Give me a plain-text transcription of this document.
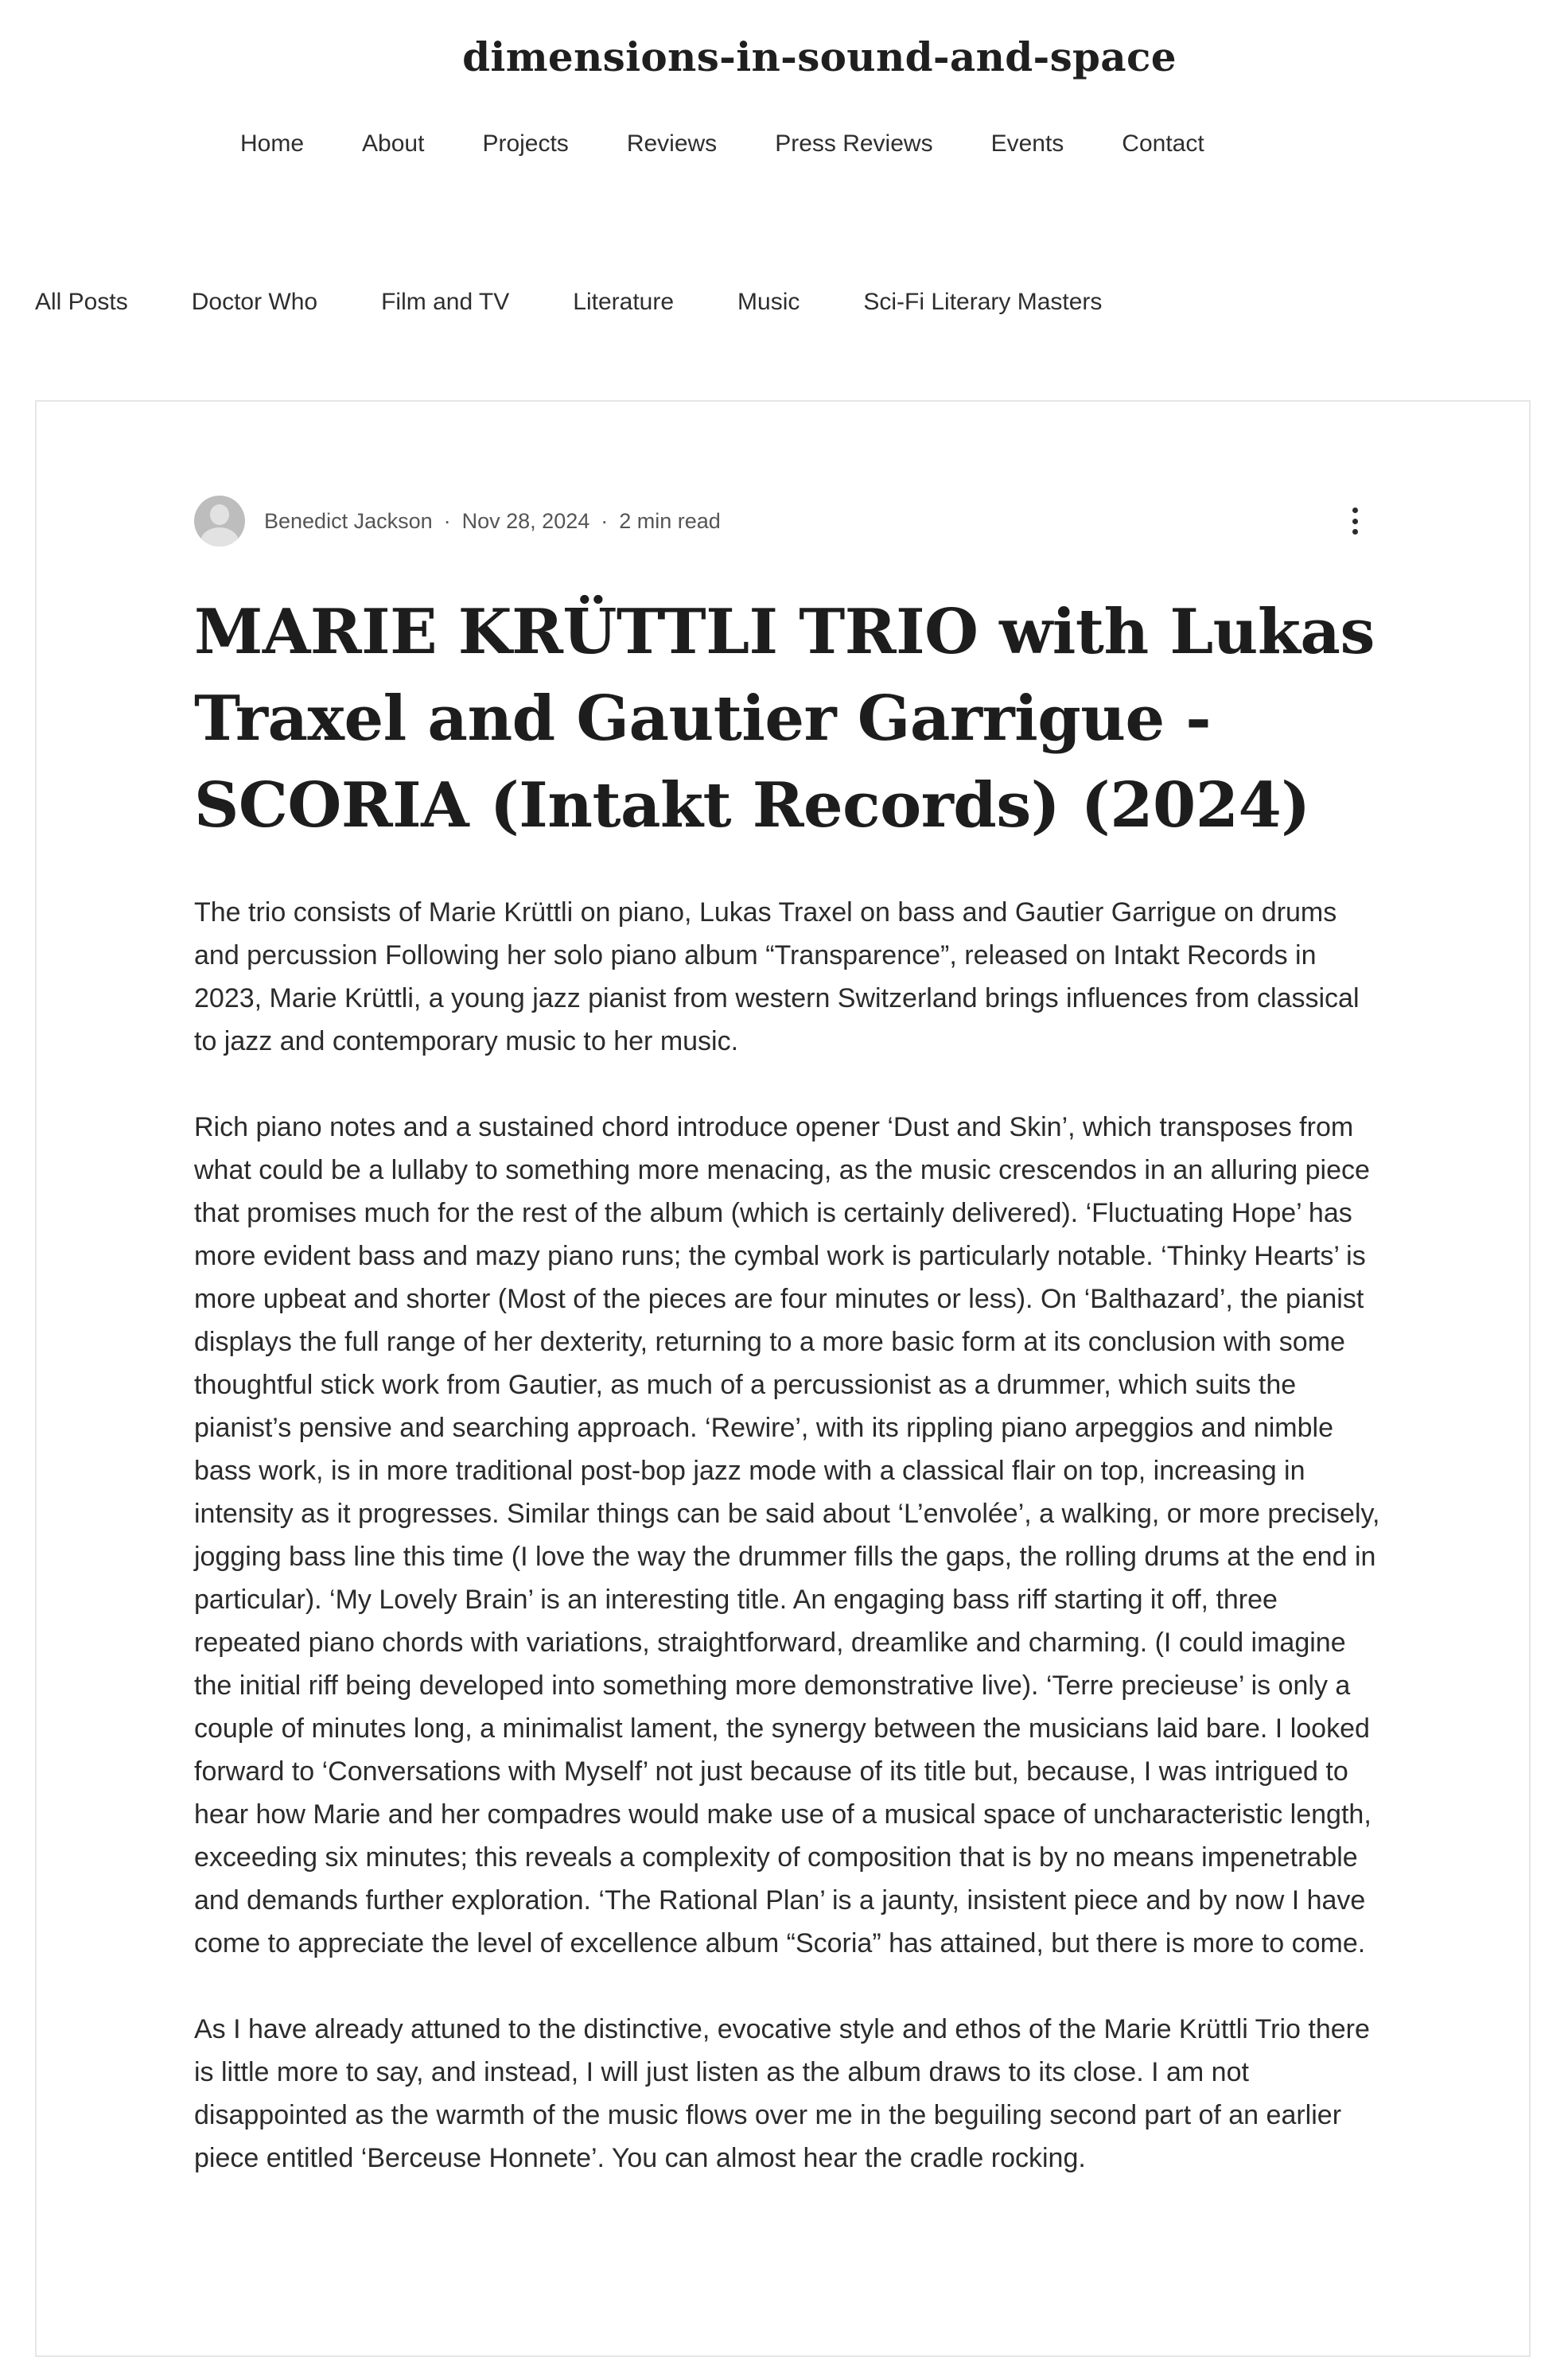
dimensions-in-sound-and-space
Home About Projects Reviews Press Reviews Events Contact
All Posts	Doctor Who	Film and TV	Literature	Music	Sci-Fi Literary Masters
Benedict Jackson · Nov 28, 2024 · 2 min read
MARIE KRÜTTLI TRIO with Lukas Traxel and Gautier Garrigue - SCORIA (Intakt Records) (2024)

The trio consists of Marie Krüttli on piano, Lukas Traxel on bass and Gautier Garrigue on drums and percussion Following her solo piano album “Transparence”, released on Intakt Records in 2023, Marie Krüttli, a young jazz pianist from western Switzerland brings influences from classical to jazz and contemporary music to her music.

Rich piano notes and a sustained chord introduce opener ‘Dust and Skin’, which transposes from what could be a lullaby to something more menacing, as the music crescendos in an alluring piece that promises much for the rest of the album (which is certainly delivered). ‘Fluctuating Hope’ has more evident bass and mazy piano runs; the cymbal work is particularly notable. ‘Thinky Hearts’ is more upbeat and shorter (Most of the pieces are four minutes or less). On ‘Balthazard’, the pianist displays the full range of her dexterity, returning to a more basic form at its conclusion with some thoughtful stick work from Gautier, as much of a percussionist as a drummer, which suits the pianist’s pensive and searching approach. ‘Rewire’, with its rippling piano arpeggios and nimble bass work, is in more traditional post-bop jazz mode with a classical flair on top, increasing in intensity as it progresses. Similar things can be said about ‘L’envolée’, a walking, or more precisely, jogging bass line this time (I love the way the drummer fills the gaps, the rolling drums at the end in particular). ‘My Lovely Brain’ is an interesting title. An engaging bass riff starting it off, three repeated piano chords with variations, straightforward, dreamlike and charming. (I could imagine the initial riff being developed into something more demonstrative live). ‘Terre precieuse’ is only a couple of minutes long, a minimalist lament, the synergy between the musicians laid bare. I looked forward to ‘Conversations with Myself’ not just because of its title but, because, I was intrigued to hear how Marie and her compadres would make use of a musical space of uncharacteristic length, exceeding six minutes; this reveals a complexity of composition that is by no means impenetrable and demands further exploration. ‘The Rational Plan’ is a jaunty, insistent piece and by now I have come to appreciate the level of excellence album “Scoria” has attained, but there is more to come.

As I have already attuned to the distinctive, evocative style and ethos of the Marie Krüttli Trio there is little more to say, and instead, I will just listen as the album draws to its close. I am not disappointed as the warmth of the music flows over me in the beguiling second part of an earlier piece entitled ‘Berceuse Honnete’. You can almost hear the cradle rocking.
